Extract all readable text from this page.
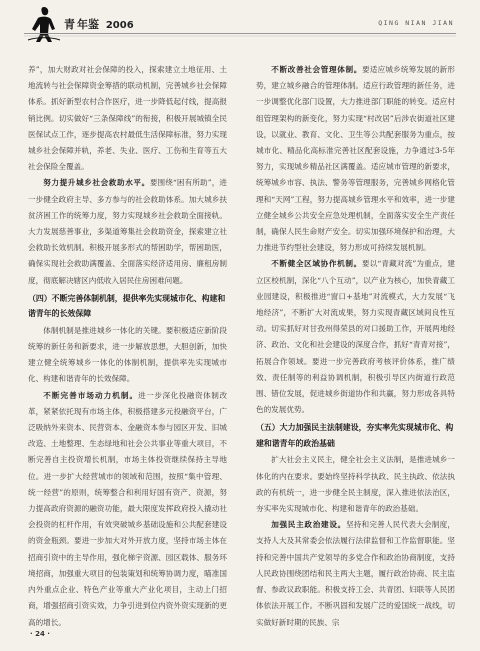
青 年鉴 2006	QING NIAN JIAN

养”，加大财政对社会保障的投入，探索建立土地征用、土地流转与社会保障资金筹措的联动机制，完善城乡社会保障体系。抓好新型农村合作医疗，进一步降低起付线，提高报销比例。切实做好“三条保障线”的衔接，积极开展城镇全民医保试点工作，逐步提高农村最低生活保障标准，努力实现城乡社会保障并轨，养老、失业、医疗、工伤和生育等五大社会保险全覆盖。

努力提升城乡社会救助水平。要围绕“困有所助”，进一步健全政府主导、多方参与的社会救助体系。加大城乡扶贫济困工作的统筹力度，努力实现城乡社会救助全面接轨。大力发展慈善事业，多渠道筹集社会救助资金，探索建立社会救助长效机制。积极开展多形式的帮困助学，帮困助医，确保实现社会救助满覆盖、全面落实经济适用房、廉租房制度，彻底解决辖区内低收入居民住房困难问题。

（四）不断完善体制机制，提供率先实现城市化、构建和谐青年的长效保障

体制机制是推进城乡一体化的关键。要积极适应新阶段统筹的新任务和新要求，进一步解放思想，大胆创新，加快建立健全统筹城乡一体化的体制机制，提供率先实现城市化、构建和谐青年的长效保障。

不断完善市场动力机制。进一步深化投融资体制改革，紧紧依托现有市场主体，积极搭建多元投融资平台，广泛吸纳外来资本、民营资本、金融资本参与园区开发、旧城改造、土地整理、生态绿地和社会公共事业等重大项目，不断完善自主投资增长机制，市场主体投资继续保持主导地位。进一步扩大经营城市的领域和范围，按照“集中管理、统一经营”的原则，统筹整合和利用好国有资产、资源，努力提高政府资源的融资功能，最大限度发挥政府投入撬动社会投资的杠杆作用，有效突破城乡基础设施和公共配套建设的资金瓶颈。要进一步加大对外开放力度，坚持市场主体在招商引资中的主导作用，强化梯宇资源、园区载体、服务环境招商，加强重大项目的包装策划和统筹协调力度，瞄准国内外重点企业、特色产业等重大产业化项目，主动上门招商，增强招商引资实效，力争引进到位内资外资实现新的更高的增长。

不断改善社会管理体制。要适应城乡统筹发展的新形势，建立城乡融合的管理体制。适应行政管理的新任务，进一步调整优化部门设置，大力推进部门职能的转变。适应村组管理架构的新变化，努力实现“村改居”后涉农街道社区建设，以就业、教育、文化、卫生等公共配套服务为重点，按城市化、精品化高标准完善社区配套设施，力争通过3-5年努力，实现城乡精品社区满覆盖。适应城市管理的新要求，统筹城乡市容、执法、警务等管理服务，完善城乡网格化管理和“天网”工程，努力提高城乡管理水平和效率，进一步建立健全城乡公共安全应急处理机制，全面落实安全生产责任制，确保人民生命财产安全。切实加强环境保护和治理，大力推进节约型社会建设，努力形成可持续发展机制。

不断健全区域协作机制。要以“青藏对流”为重点，建立区校机制，深化“八个互动”，以产业为核心，加快青藏工业园建设，积极推进“窗口+基地”对流模式，大力发展“飞地经济”，不断扩大对流成果，努力实现青藏区域间良性互动。切实抓好对甘孜州得荣县的对口援助工作，开展两地经济、政治、文化和社会建设的深度合作，抓好“青青对接”，拓展合作领域。要进一步完善政府考核评价体系，推广绩效、责任制等的利益协调机制，积极引导区内街道行政范围、错位发展，促进城乡街道协作和共赢，努力形成各具特色的发展优势。

（五）大力加强民主法制建设，夯实率先实现城市化、构建和谐青年的政治基础

扩大社会主义民主，健全社会主义法制，是推进城乡一体化的内在要求。要始终坚持科学执政、民主执政、依法执政的有机统一，进一步健全民主制度，深入推进依法治区，夯实率先实现城市化、构建和谐青年的政治基础。

加强民主政治建设。坚持和完善人民代表大会制度，支持人大及其常委会依法履行法律监督和工作监督职能。坚持和完善中国共产党领导的多党合作和政治协商制度，支持人民政协围绕团结和民主两大主题，履行政治协商、民主监督、参政议政职能。积极支持工会、共青团、妇联等人民团体依法开展工作。不断巩固和发展广泛的爱国统一战线，切实做好新时期的民族、宗

· 24 ·
